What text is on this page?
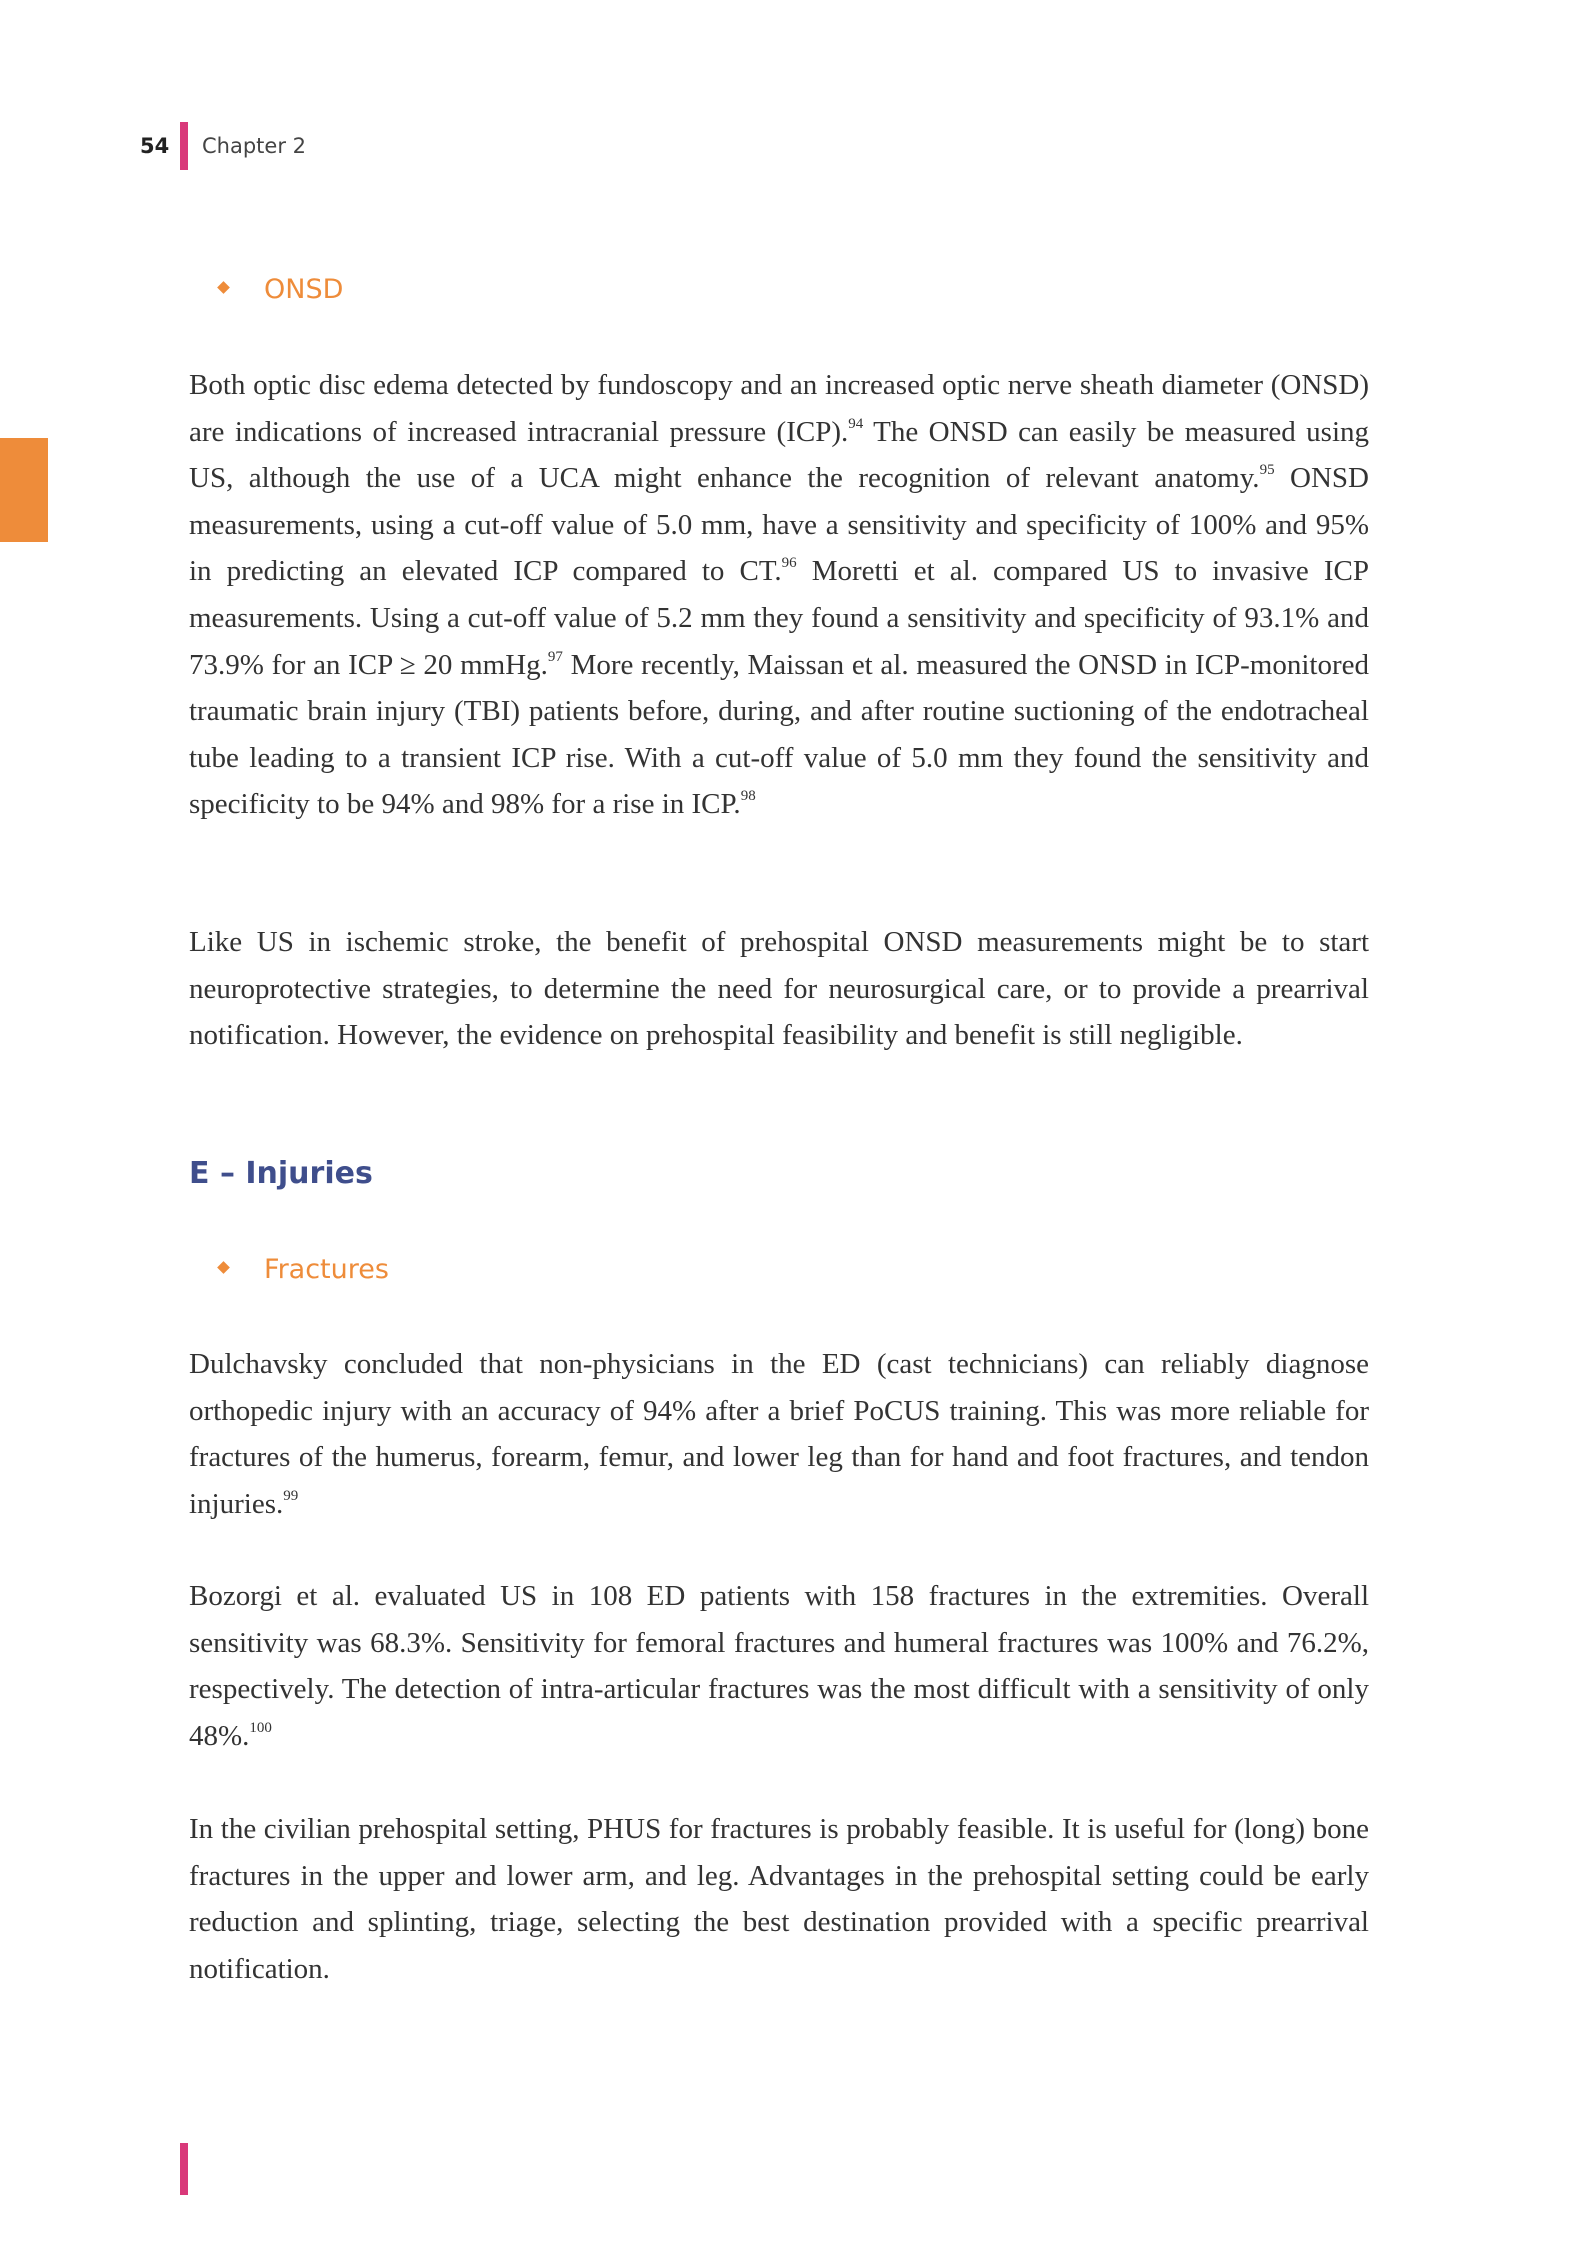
54 Chapter 2
ONSD

Both optic disc edema detected by fundoscopy and an increased optic nerve sheath diameter (ONSD) are indications of increased intracranial pressure (ICP).$^{94}$ The ONSD can easily be measured using US, although the use of a UCA might enhance the recognition of relevant anatomy.$^{95}$ ONSD measurements, using a cut-off value of 5.0 mm, have a sensitivity and specificity of 100% and 95% in predicting an elevated ICP compared to CT.$^{96}$ Moretti et al. compared US to invasive ICP measurements. Using a cut-off value of 5.2 mm they found a sensitivity and specificity of 93.1% and 73.9% for an ICP ≥ 20 mmHg.$^{97}$ More recently, Maissan et al. measured the ONSD in ICP-monitored traumatic brain injury (TBI) patients before, during, and after routine suctioning of the endotracheal tube leading to a transient ICP rise. With a cut-off value of 5.0 mm they found the sensitivity and specificity to be 94% and 98% for a rise in ICP.$^{98}$

Like US in ischemic stroke, the benefit of prehospital ONSD measurements might be to start neuroprotective strategies, to determine the need for neurosurgical care, or to provide a prearrival notification. However, the evidence on prehospital feasibility and benefit is still negligible.

E – Injuries
Fractures

Dulchavsky concluded that non-physicians in the ED (cast technicians) can reliably diagnose orthopedic injury with an accuracy of 94% after a brief PoCUS training. This was more reliable for fractures of the humerus, forearm, femur, and lower leg than for hand and foot fractures, and tendon injuries.$^{99}$

Bozorgi et al. evaluated US in 108 ED patients with 158 fractures in the extremities. Overall sensitivity was 68.3%. Sensitivity for femoral fractures and humeral fractures was 100% and 76.2%, respectively. The detection of intra-articular fractures was the most difficult with a sensitivity of only 48%.$^{100}$

In the civilian prehospital setting, PHUS for fractures is probably feasible. It is useful for (long) bone fractures in the upper and lower arm, and leg. Advantages in the prehospital setting could be early reduction and splinting, triage, selecting the best destination provided with a specific prearrival notification.
